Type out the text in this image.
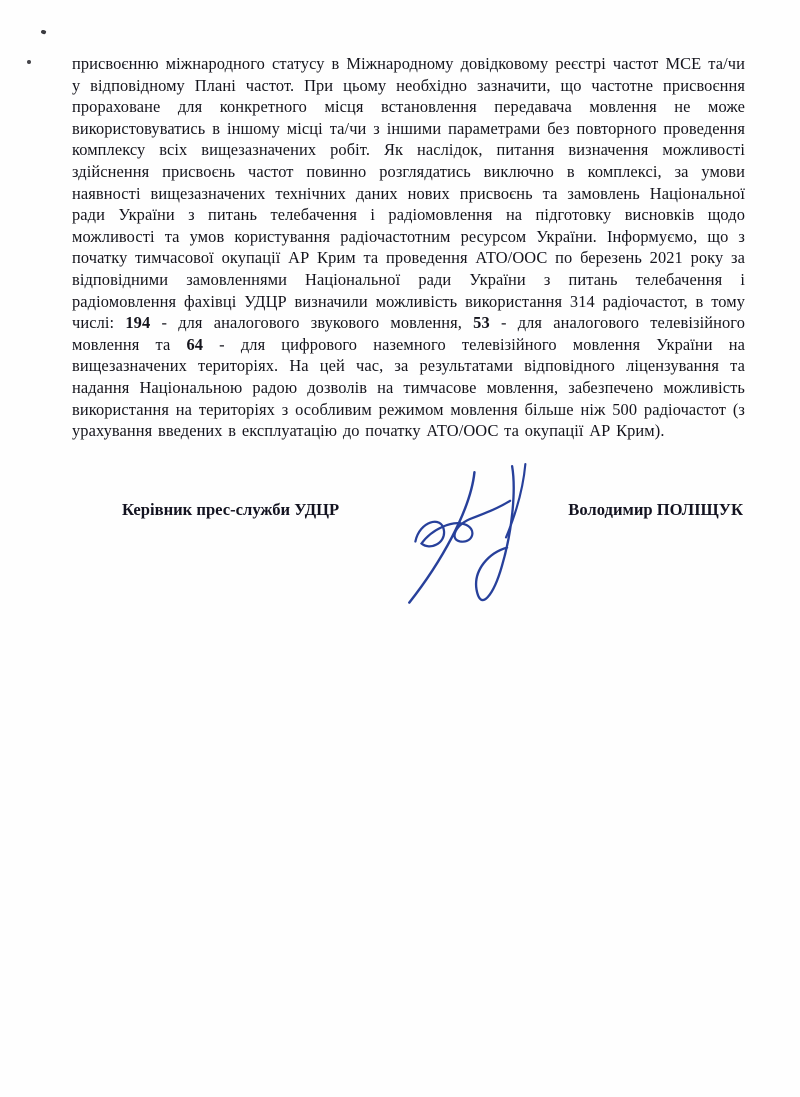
присвоєнню міжнародного статусу в Міжнародному довідковому реєстрі частот МСЕ та/чи у відповідному Плані частот. При цьому необхідно зазначити, що частотне присвоєння прораховане для конкретного місця встановлення передавача мовлення не може використовуватись в іншому місці та/чи з іншими параметрами без повторного проведення комплексу всіх вищезазначених робіт. Як наслідок, питання визначення можливості здійснення присвоєнь частот повинно розглядатись виключно в комплексі, за умови наявності вищезазначених технічних даних нових присвоєнь та замовлень Національної ради України з питань телебачення і радіомовлення на підготовку висновків щодо можливості та умов користування радіочастотним ресурсом України. Інформуємо, що з початку тимчасової окупації АР Крим та проведення АТО/ООС по березень 2021 року за відповідними замовленнями Національної ради України з питань телебачення і радіомовлення фахівці УДЦР визначили можливість використання 314 радіочастот, в тому числі: 194 - для аналогового звукового мовлення, 53 - для аналогового телевізійного мовлення та 64 - для цифрового наземного телевізійного мовлення України на вищезазначених територіях. На цей час, за результатами відповідного ліцензування та надання Національною радою дозволів на тимчасове мовлення, забезпечено можливість використання на територіях з особливим режимом мовлення більше ніж 500 радіочастот (з урахування введених в експлуатацію до початку АТО/ООС та окупації АР Крим).

Керівник прес-служби УДЦР	Володимир ПОЛІЩУК
